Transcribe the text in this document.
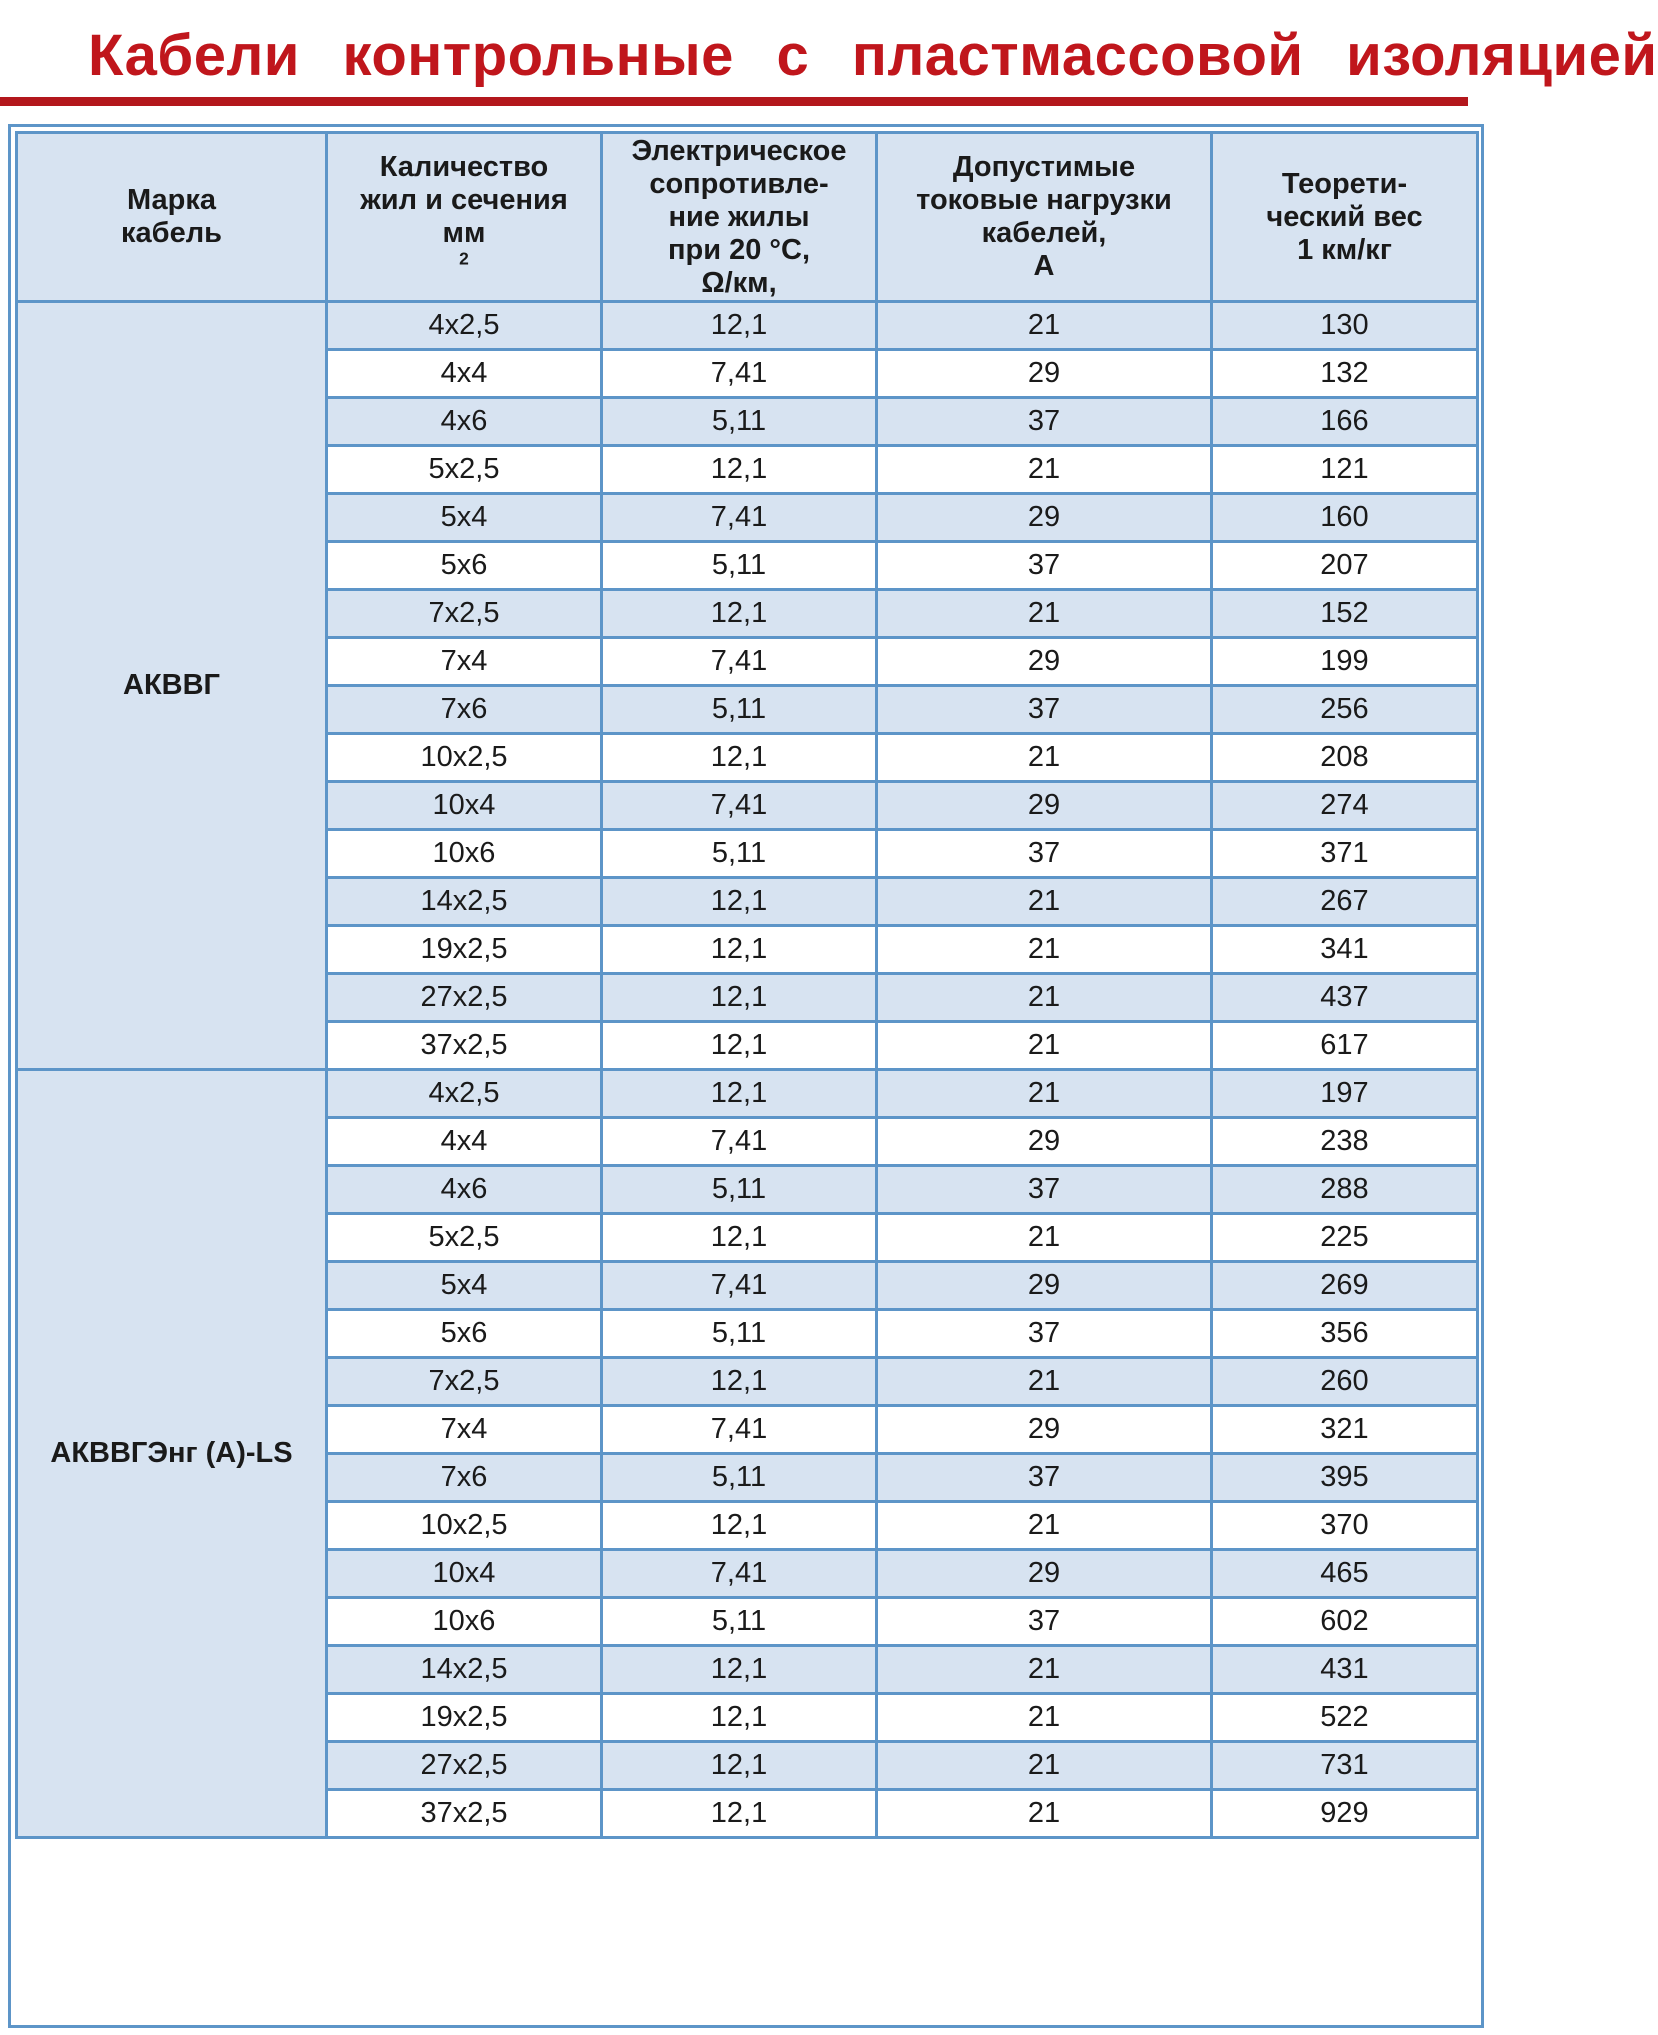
Кабели контрольные с пластмассовой изоляцией
Марка
кабель	Каличество
жил и сечения
мм
$^2$	Электрическое
сопротивле-
ние жилы
при 20 °С,
Ω/км,	Допустимые
токовые нагрузки
кабелей,
А	Теорети-
ческий вес
1 км/кг

АКВВГ	4х2,5	12,1	21	130
	4х4	7,41	29	132
	4х6	5,11	37	166
	5х2,5	12,1	21	121
	5х4	7,41	29	160
	5х6	5,11	37	207
	7х2,5	12,1	21	152
	7х4	7,41	29	199
	7х6	5,11	37	256
	10х2,5	12,1	21	208
	10х4	7,41	29	274
	10х6	5,11	37	371
	14х2,5	12,1	21	267
	19х2,5	12,1	21	341
	27х2,5	12,1	21	437
	37х2,5	12,1	21	617
АКВВГЭнг (А)-LS	4х2,5	12,1	21	197
	4х4	7,41	29	238
	4х6	5,11	37	288
	5х2,5	12,1	21	225
	5х4	7,41	29	269
	5х6	5,11	37	356
	7х2,5	12,1	21	260
	7х4	7,41	29	321
	7х6	5,11	37	395
	10х2,5	12,1	21	370
	10х4	7,41	29	465
	10х6	5,11	37	602
	14х2,5	12,1	21	431
	19х2,5	12,1	21	522
	27х2,5	12,1	21	731
	37х2,5	12,1	21	929
